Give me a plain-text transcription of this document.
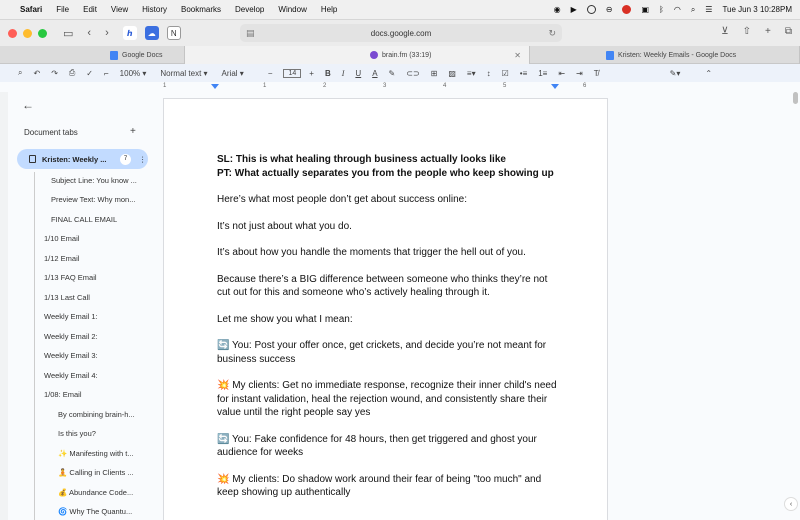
Safari File Edit View History Bookmarks Develop Window Help	◉ ▶	⊖	▣ ᛒ ◠ ⌕ ☰ Tue Jun 3 10:28PM
▭ ‹ ›	ℎ	☁	N	▤	docs.google.com	↻	⊻ ⇧ + ⧉
Google Docs	brain.fm (33:19)	✕	Kristen: Weekly Emails - Google Docs
⌕ ↶ ↷ ⎙ ✓ ⌐ 100% ▾ Normal text ▾ Arial ▾	−	14	+ B I U A ✎ ⊂⊃ ⊞ ▨ ≡▾ ↕ ☑ •≡ 1≡ ⇤ ⇥ T̸	✎▾	⌃
1	1	2	3	4	5	6
←
Document tabs	+
Kristen: Weekly ...	7	⋮
Subject Line: You know ...
Preview Text: Why mon...
FINAL CALL EMAIL
1/10 Email
1/12 Email
1/13 FAQ Email
1/13 Last Call
Weekly Email 1:
Weekly Email 2:
Weekly Email 3:
Weekly Email 4:
1/08: Email
By combining brain-h...
Is this you?
✨ Manifesting with t...
🧘 Calling in Clients ...
💰 Abundance Code...
🌀 Why The Quantu...
SL: This is what healing through business actually looks like
PT: What actually separates you from the people who keep showing up

Here’s what most people don’t get about success online:

It’s not just about what you do.

It’s about how you handle the moments that trigger the hell out of you.

Because there’s a BIG difference between someone who thinks they’re not cut out for this and someone who’s actively healing through it.

Let me show you what I mean:

🔄 You: Post your offer once, get crickets, and decide you’re not meant for business success

💥 My clients: Get no immediate response, recognize their inner child's need for instant validation, heal the rejection wound, and consistently share their value until the right people say yes

🔄 You: Fake confidence for 48 hours, then get triggered and ghost your audience for weeks

💥 My clients: Do shadow work around their fear of being "too much" and keep showing up authentically

‹
